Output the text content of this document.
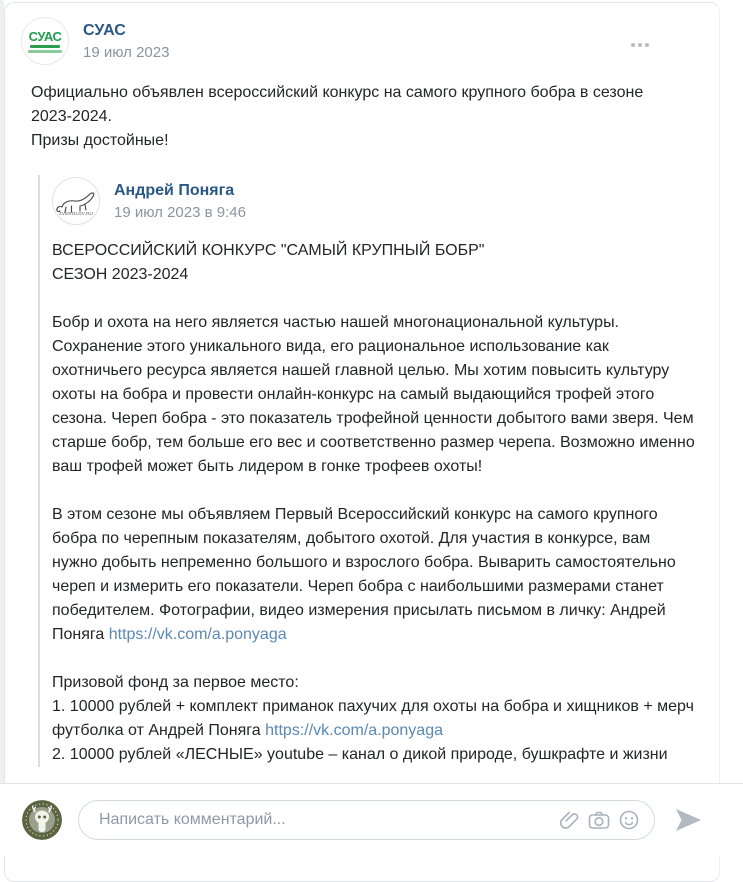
СУАС СУАС
19 июл 2023
Официально объявлен всероссийский конкурс на самого крупного бобра в сезоне 2023-2024.
Призы достойные!
ZVEROLOV.RU
Андрей Поняга
19 июл 2023 в 9:46

ВСЕРОССИЙСКИЙ КОНКУРС "САМЫЙ КРУПНЫЙ БОБР"
СЕЗОН 2023-2024

Бобр и охота на него является частью нашей многонациональной культуры. Сохранение этого уникального вида, его рациональное использование как охотничьего ресурса является нашей главной целью. Мы хотим повысить культуру охоты на бобра и провести онлайн-конкурс на самый выдающийся трофей этого сезона. Череп бобра - это показатель трофейной ценности добытого вами зверя. Чем старше бобр, тем больше его вес и соответственно размер черепа. Возможно именно ваш трофей может быть лидером в гонке трофеев охоты!

В этом сезоне мы объявляем Первый Всероссийский конкурс на самого крупного бобра по черепным показателям, добытого охотой. Для участия в конкурсе, вам нужно добыть непременно большого и взрослого бобра. Выварить самостоятельно череп и измерить его показатели. Череп бобра с наибольшими размерами станет победителем. Фотографии, видео измерения присылать письмом в личку: Андрей Поняга https://vk.com/a.ponyaga

Призовой фонд за первое место:

1. 10000 рублей + комплект приманок пахучих для охоты на бобра и хищников + мерч футболка от Андрей Поняга https://vk.com/a.ponyaga

2. 10000 рублей «ЛЕСНЫЕ» youtube – канал о дикой природе, бушкрафте и жизни

Написать комментарий...
